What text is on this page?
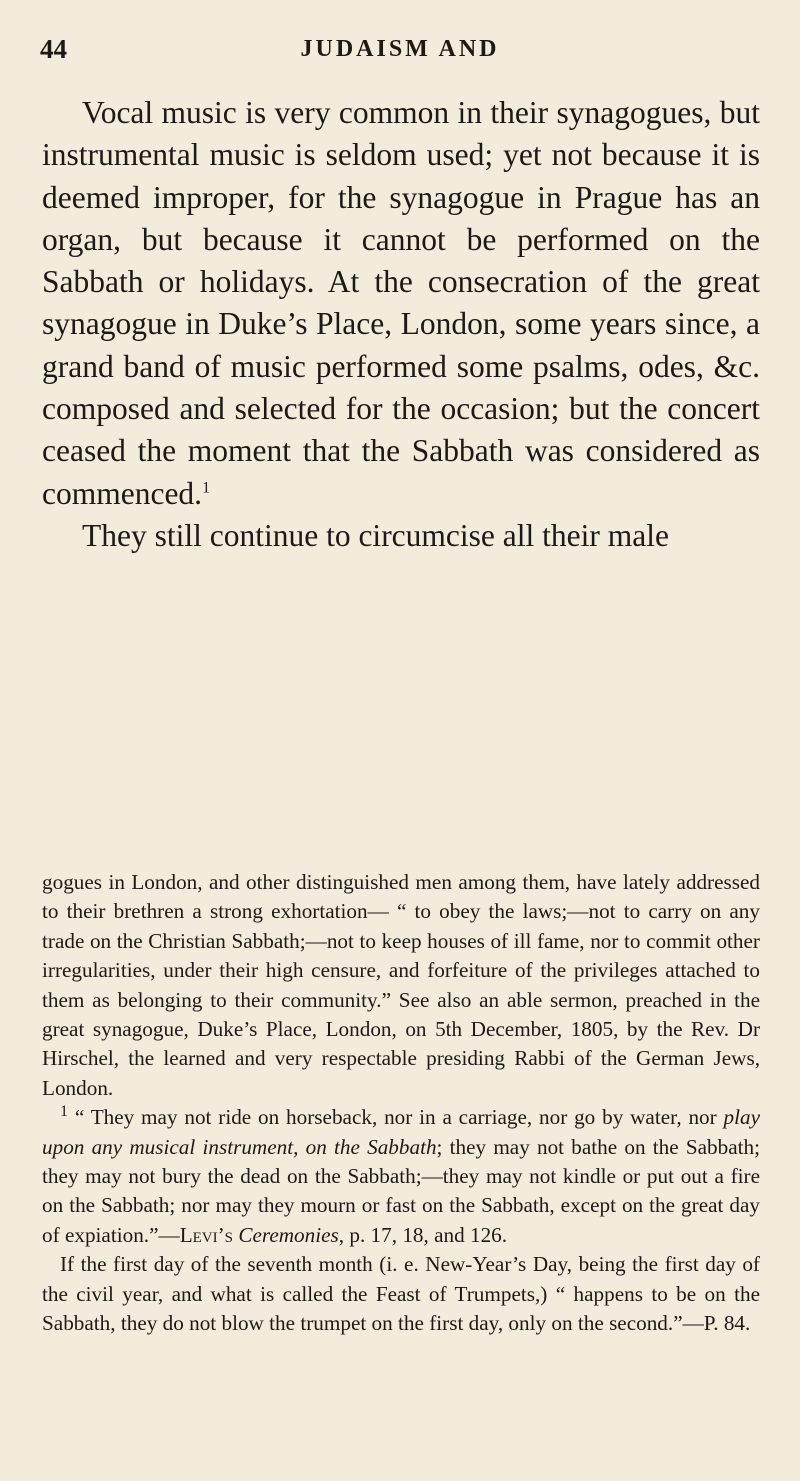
44	JUDAISM AND

Vocal music is very common in their synagogues, but instrumental music is seldom used; yet not because it is deemed improper, for the synagogue in Prague has an organ, but because it cannot be performed on the Sabbath or holidays. At the consecration of the great synagogue in Duke’s Place, London, some years since, a grand band of music performed some psalms, odes, &c. composed and selected for the occasion; but the concert ceased the moment that the Sabbath was considered as commenced.$^1$

They still continue to circumcise all their male

gogues in London, and other distinguished men among them, have lately addressed to their brethren a strong exhortation— “ to obey the laws;—not to carry on any trade on the Christian Sabbath;—not to keep houses of ill fame, nor to commit other irregularities, under their high censure, and forfeiture of the privileges attached to them as belonging to their community.” See also an able sermon, preached in the great synagogue, Duke’s Place, London, on 5th December, 1805, by the Rev. Dr Hirschel, the learned and very respectable presiding Rabbi of the German Jews, London.

$^1$ “ They may not ride on horseback, nor in a carriage, nor go by water, nor play upon any musical instrument, on the Sabbath; they may not bathe on the Sabbath; they may not bury the dead on the Sabbath;—they may not kindle or put out a fire on the Sabbath; nor may they mourn or fast on the Sabbath, except on the great day of expiation.”—Levi’s Ceremonies, p. 17, 18, and 126.

If the first day of the seventh month (i. e. New-Year’s Day, being the first day of the civil year, and what is called the Feast of Trumpets,) “ happens to be on the Sabbath, they do not blow the trumpet on the first day, only on the second.”—P. 84.
